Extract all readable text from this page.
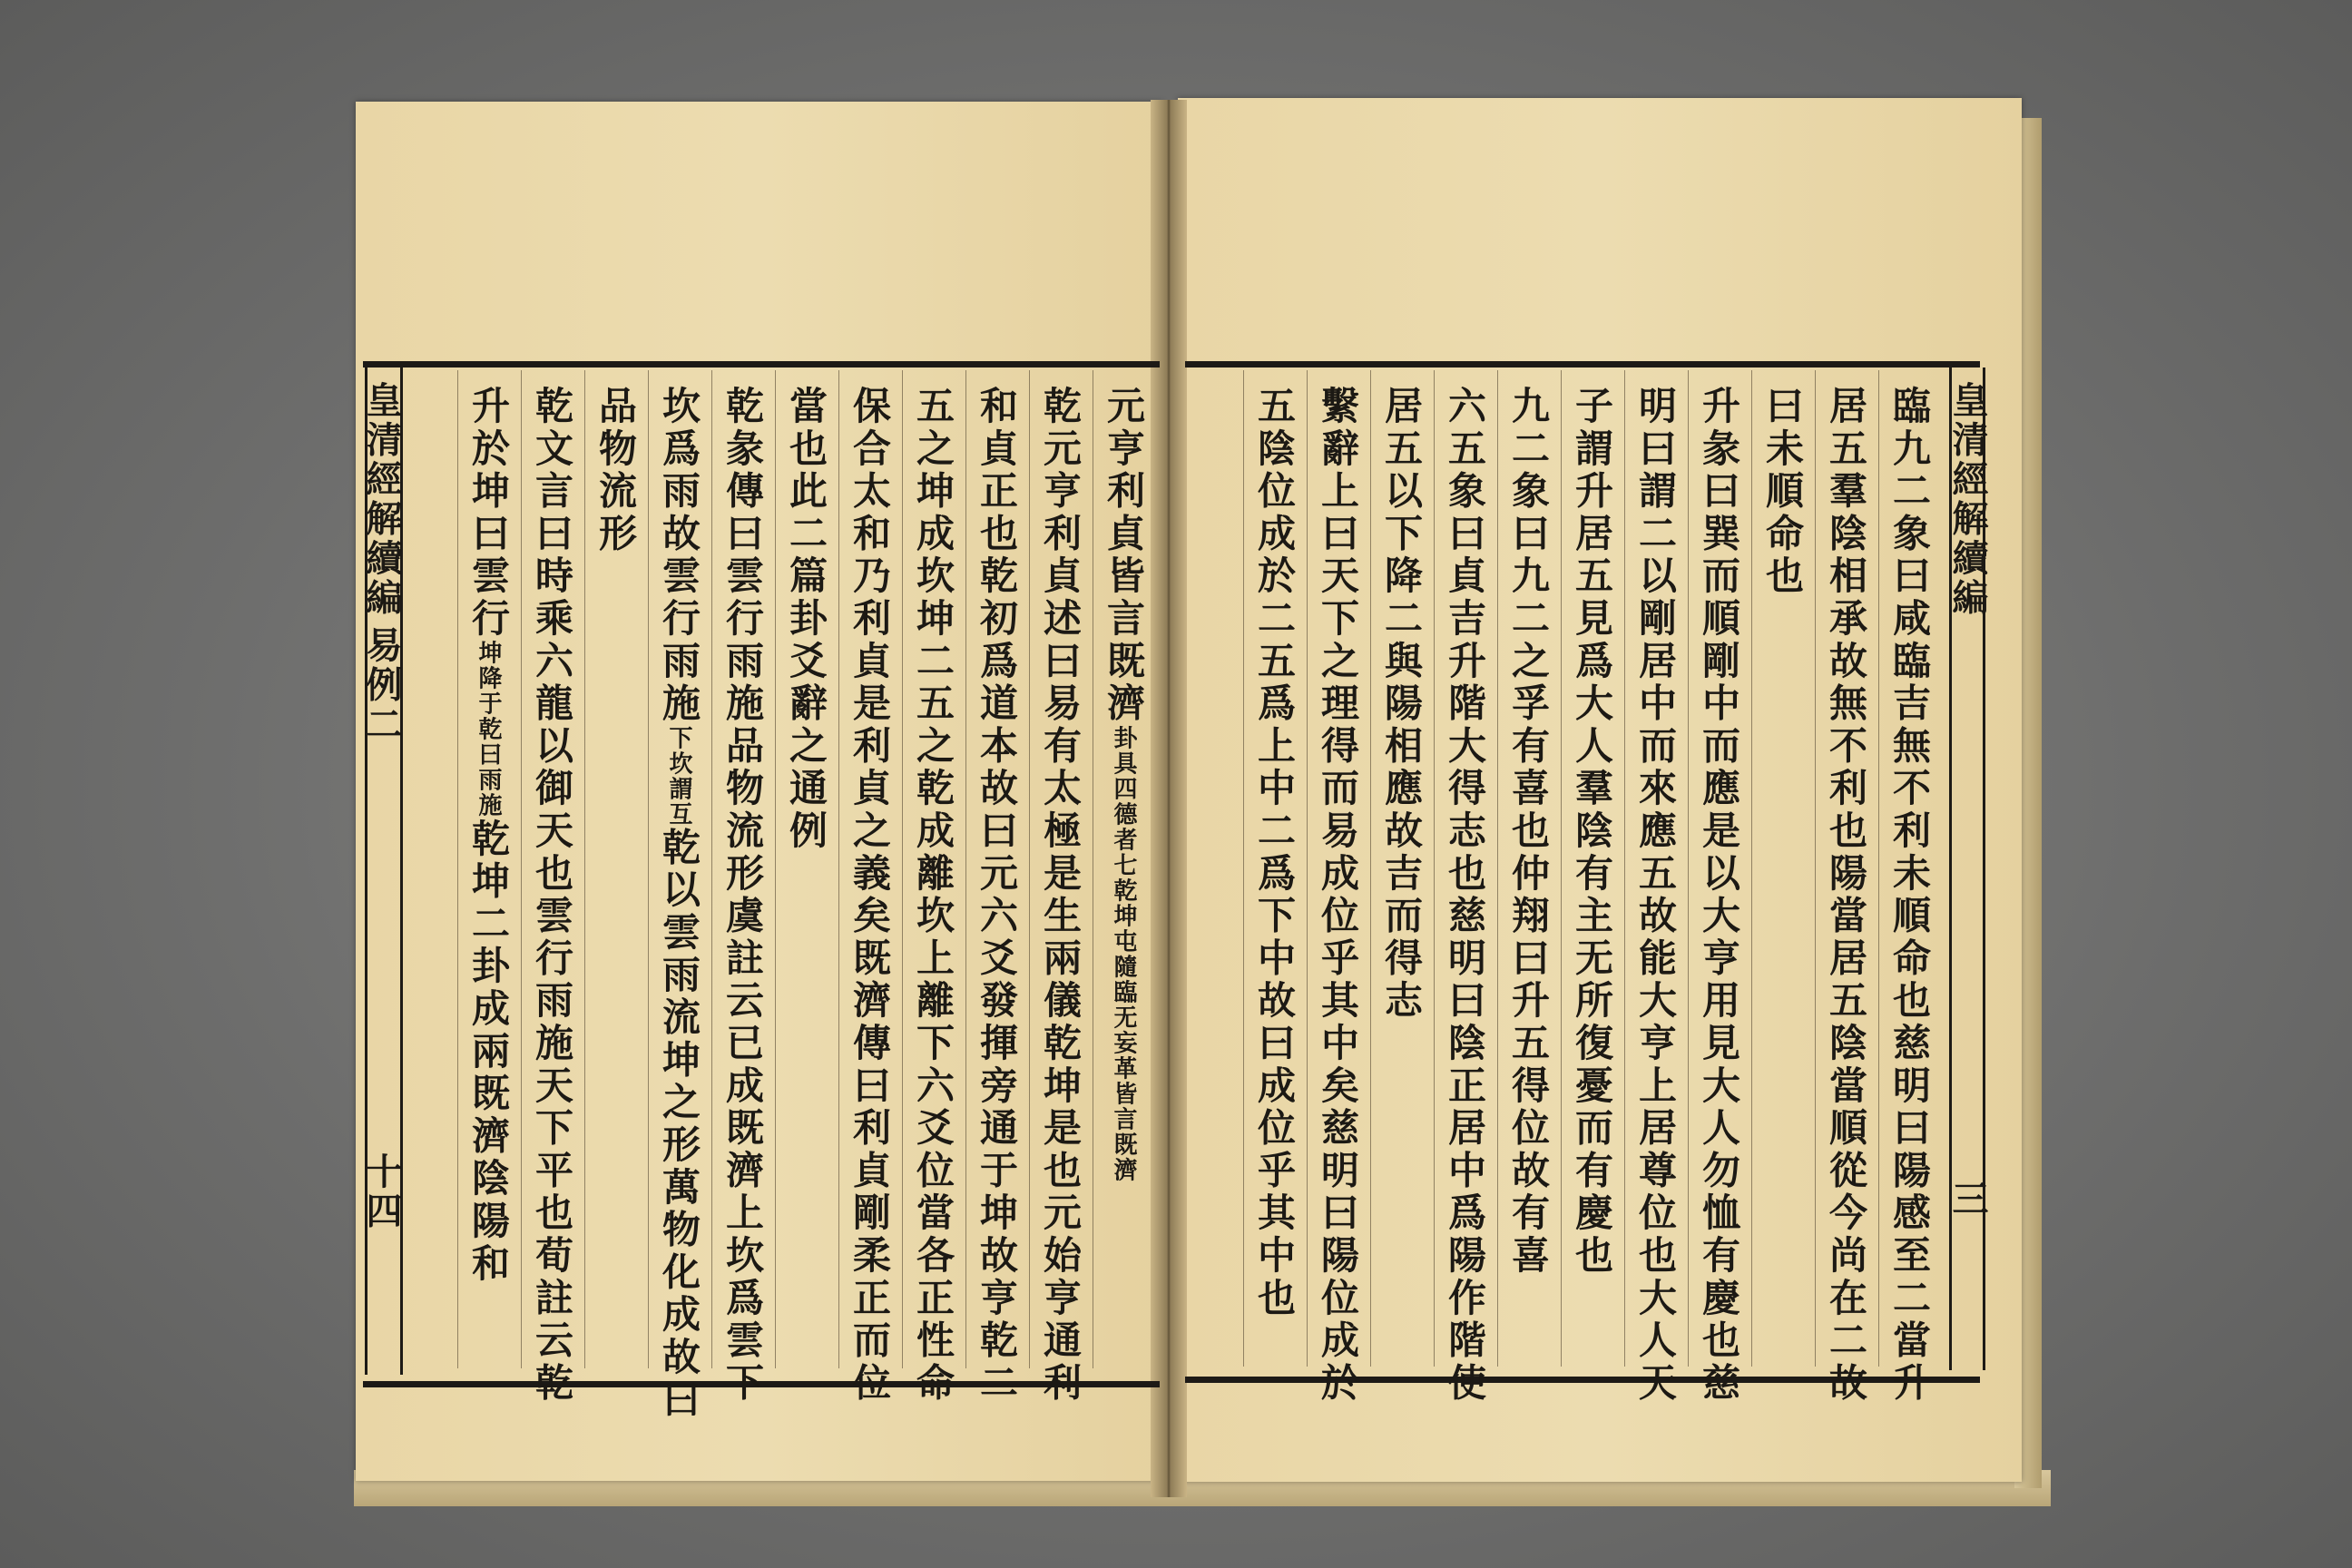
皇清經解續編
三
臨九二象曰咸臨吉無不利未順命也慈明曰陽感至二當升
居五羣陰相承故無不利也陽當居五陰當順從今尚在二故
曰未順命也
升彖曰巽而順剛中而應是以大亨用見大人勿恤有慶也慈
明曰謂二以剛居中而來應五故能大亨上居尊位也大人天
子謂升居五見爲大人羣陰有主无所復憂而有慶也
九二象曰九二之孚有喜也仲翔曰升五得位故有喜
六五象曰貞吉升階大得志也慈明曰陰正居中爲陽作階使
居五以下降二與陽相應故吉而得志
繫辭上曰天下之理得而易成位乎其中矣慈明曰陽位成於
五陰位成於二五爲上中二爲下中故曰成位乎其中也
皇清經解續編
易例二
十四
元亨利貞皆言既濟卦具四德者七乾坤屯隨臨无妄革皆言既濟
乾元亨利貞述曰易有太極是生兩儀乾坤是也元始亨通利
和貞正也乾初爲道本故曰元六爻發揮旁通于坤故亨乾二
五之坤成坎坤二五之乾成離坎上離下六爻位當各正性命
保合太和乃利貞是利貞之義矣既濟傳曰利貞剛柔正而位
當也此二篇卦爻辭之通例
乾彖傳曰雲行雨施品物流形虞註云已成既濟上坎爲雲下
坎爲雨故雲行雨施下坎謂互乾以雲雨流坤之形萬物化成故曰
品物流形
乾文言曰時乘六龍以御天也雲行雨施天下平也荀註云乾
升於坤曰雲行坤降于乾曰雨施乾坤二卦成兩既濟陰陽和
